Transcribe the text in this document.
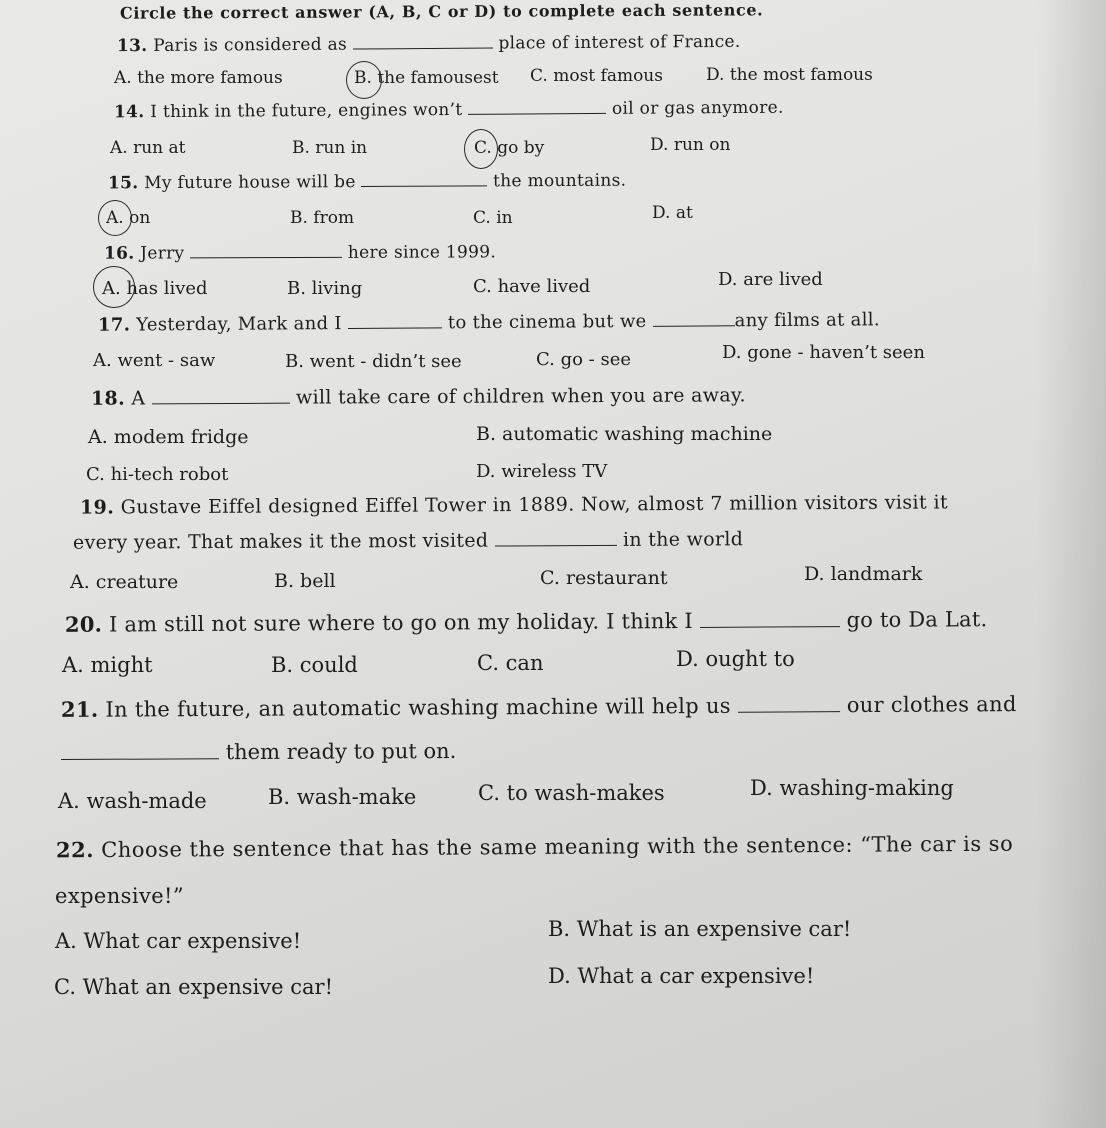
Circle the correct answer (A, B, C or D) to complete each sentence.
13. Paris is considered as	place of interest of France.
A. the more famous	B. the famousest C. most famous	D. the most famous
14. I think in the future, engines won’t	oil or gas anymore.
A. run at	B. run in	C. go by	D. run on
15. My future house will be	the mountains.
A. on	B. from	C. in	D. at
16. Jerry	here since 1999.
A. has lived	B. living	C. have lived	D. are lived
17. Yesterday, Mark and I	to the cinema but we	any films at all.
A. went - saw	B. went - didn’t see	C. go - see	D. gone - haven’t seen
18. A	will take care of children when you are away.
A. modem fridge	B. automatic washing machine
C. hi-tech robot	D. wireless TV
19. Gustave Eiffel designed Eiffel Tower in 1889. Now, almost 7 million visitors visit it
every year. That makes it the most visited	in the world
A. creature	B. bell	C. restaurant	D. landmark
20. I am still not sure where to go on my holiday. I think I	go to Da Lat.
A. might	B. could	C. can	D. ought to
21. In the future, an automatic washing machine will help us	our clothes and
them ready to put on.
A. wash-made	B. wash-make	C. to wash-makes	D. washing-making
22. Choose the sentence that has the same meaning with the sentence: “The car is so
expensive!”
A. What car expensive!	B. What is an expensive car!
C. What an expensive car!	D. What a car expensive!
